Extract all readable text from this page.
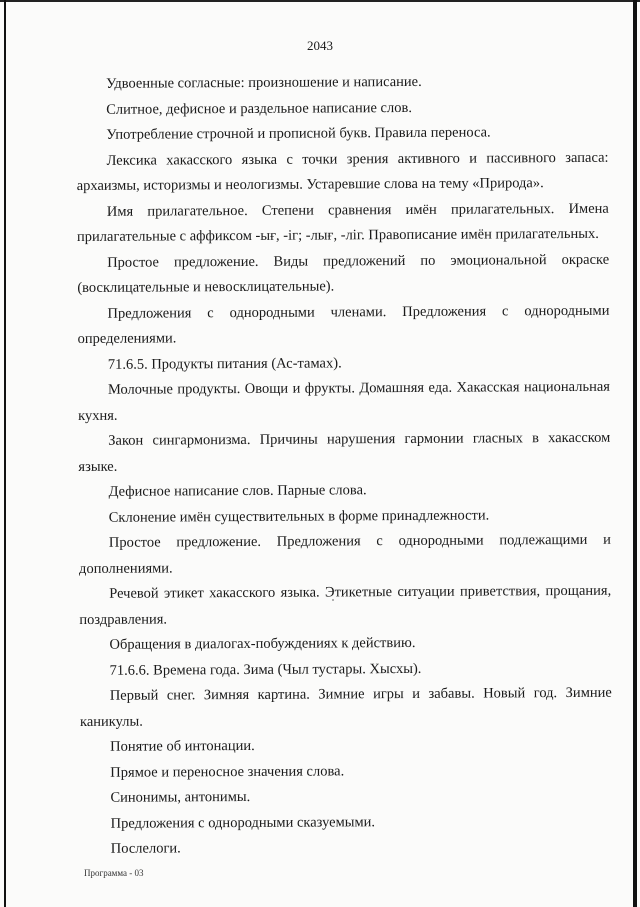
2043

Удвоенные согласные: произношение и написание.

Слитное, дефисное и раздельное написание слов.

Употребление строчной и прописной букв. Правила переноса.

Лексика хакасского языка с точки зрения активного и пассивного запаса: архаизмы, историзмы и неологизмы. Устаревшие слова на тему «Природа».

Имя прилагательное. Степени сравнения имён прилагательных. Имена прилагательные с аффиксом -ығ, -іг; -лығ, -ліг. Правописание имён прилагательных.

Простое предложение. Виды предложений по эмоциональной окраске (восклицательные и невосклицательные).

Предложения с однородными членами. Предложения с однородными определениями.

71.6.5. Продукты питания (Ас-тамах).

Молочные продукты. Овощи и фрукты. Домашняя еда. Хакасская национальная кухня.

Закон сингармонизма. Причины нарушения гармонии гласных в хакасском языке.

Дефисное написание слов. Парные слова.

Склонение имён существительных в форме принадлежности.

Простое предложение. Предложения с однородными подлежащими и дополнениями.

Речевой этикет хакасского языка. Этикетные ситуации приветствия, прощания, поздравления.

Обращения в диалогах-побуждениях к действию.

71.6.6. Времена года. Зима (Чыл тустары. Хысхы).

Первый снег. Зимняя картина. Зимние игры и забавы. Новый год. Зимние каникулы.

Понятие об интонации.

Прямое и переносное значения слова.

Синонимы, антонимы.

Предложения с однородными сказуемыми.

Послелоги.

Программа - 03
